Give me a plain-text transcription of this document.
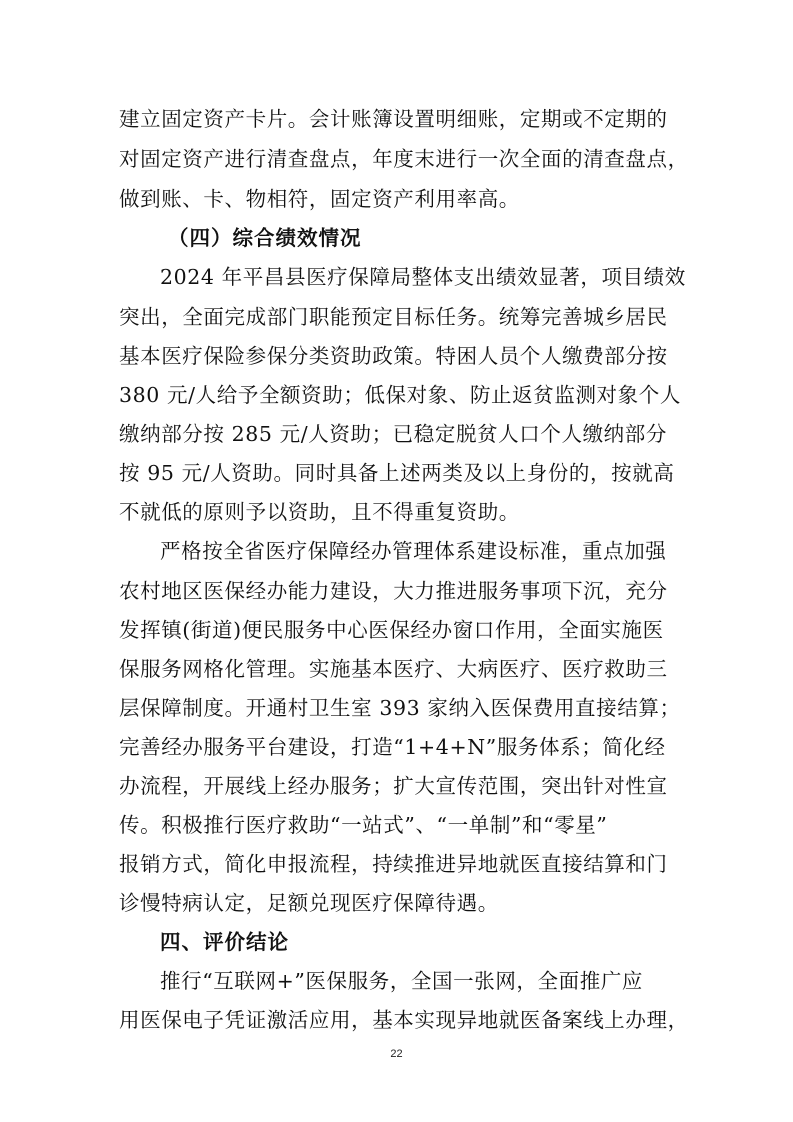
建立固定资产卡片。会计账簿设置明细账，定期或不定期的
对固定资产进行清查盘点，年度末进行一次全面的清查盘点，
做到账、卡、物相符，固定资产利用率高。
（四）综合绩效情况
2024 年平昌县医疗保障局整体支出绩效显著，项目绩效
突出，全面完成部门职能预定目标任务。统筹完善城乡居民
基本医疗保险参保分类资助政策。特困人员个人缴费部分按
380 元/人给予全额资助；低保对象、防止返贫监测对象个人
缴纳部分按 285 元/人资助；已稳定脱贫人口个人缴纳部分
按 95 元/人资助。同时具备上述两类及以上身份的，按就高
不就低的原则予以资助，且不得重复资助。
严格按全省医疗保障经办管理体系建设标准，重点加强
农村地区医保经办能力建设，大力推进服务事项下沉，充分
发挥镇(街道)便民服务中心医保经办窗口作用，全面实施医
保服务网格化管理。实施基本医疗、大病医疗、医疗救助三
层保障制度。开通村卫生室 393 家纳入医保费用直接结算；
完善经办服务平台建设，打造“1+4+N”服务体系；简化经
办流程，开展线上经办服务；扩大宣传范围，突出针对性宣
传。积极推行医疗救助“一站式”、“一单制”和“零星”
报销方式，简化申报流程，持续推进异地就医直接结算和门
诊慢特病认定，足额兑现医疗保障待遇。
四、评价结论
推行“互联网+”医保服务，全国一张网，全面推广应
用医保电子凭证激活应用，基本实现异地就医备案线上办理，
22
